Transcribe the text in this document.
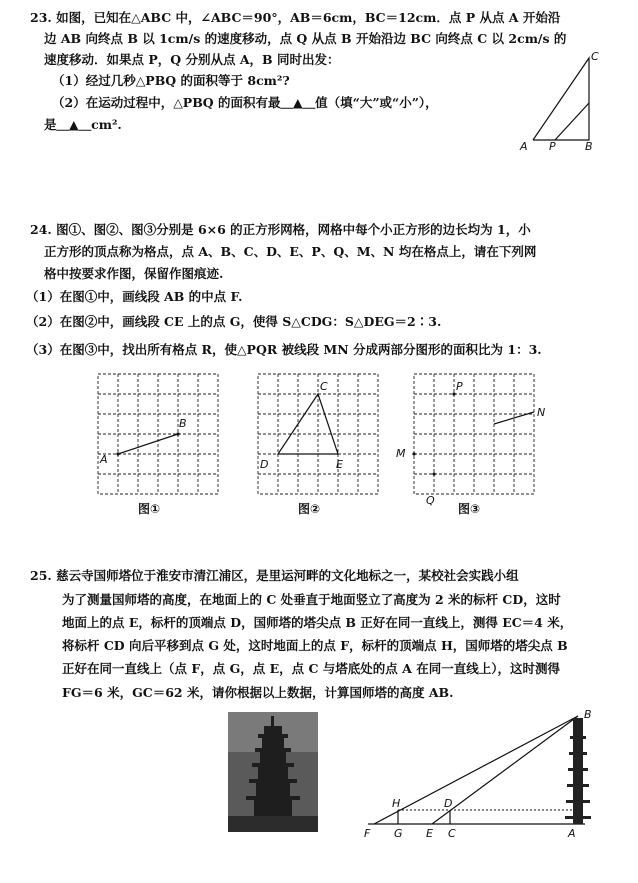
23. 如图，已知在△ABC 中，∠ABC＝90°，AB＝6cm，BC＝12cm．点 P 从点 A 开始沿
边 AB 向终点 B 以 1cm/s 的速度移动，点 Q 从点 B 开始沿边 BC 向终点 C 以 2cm/s 的
速度移动．如果点 P，Q 分别从点 A，B 同时出发：
（1）经过几秒△PBQ 的面积等于 8cm²?
（2）在运动过程中，△PBQ 的面积有最＿▲＿值（填“大”或“小”），
是＿▲＿cm².
C
A P	B
24. 图①、图②、图③分别是 6×6 的正方形网格，网格中每个小正方形的边长均为 1，小
正方形的顶点称为格点，点 A、B、C、D、E、P、Q、M、N 均在格点上，请在下列网
格中按要求作图，保留作图痕迹.
（1）在图①中，画线段 AB 的中点 F.
（2）在图②中，画线段 CE 上的点 G，使得 S△CDG：S△DEG＝2∶3.
（3）在图③中，找出所有格点 R，使△PQR 被线段 MN 分成两部分图形的面积比为 1：3.
A
B
图①
C
D	E
图②
P
N
M
Q
图③
25. 慈云寺国师塔位于淮安市清江浦区，是里运河畔的文化地标之一，某校社会实践小组
为了测量国师塔的高度，在地面上的 C 处垂直于地面竖立了高度为 2 米的标杆 CD，这时
地面上的点 E，标杆的顶端点 D，国师塔的塔尖点 B 正好在同一直线上，测得 EC＝4 米，
将标杆 CD 向后平移到点 G 处，这时地面上的点 F，标杆的顶端点 H，国师塔的塔尖点 B
正好在同一直线上（点 F，点 G，点 E，点 C 与塔底处的点 A 在同一直线上），这时测得
FG＝6 米，GC＝62 米，请你根据以上数据，计算国师塔的高度 AB.
B
H	D
F G E C	A
